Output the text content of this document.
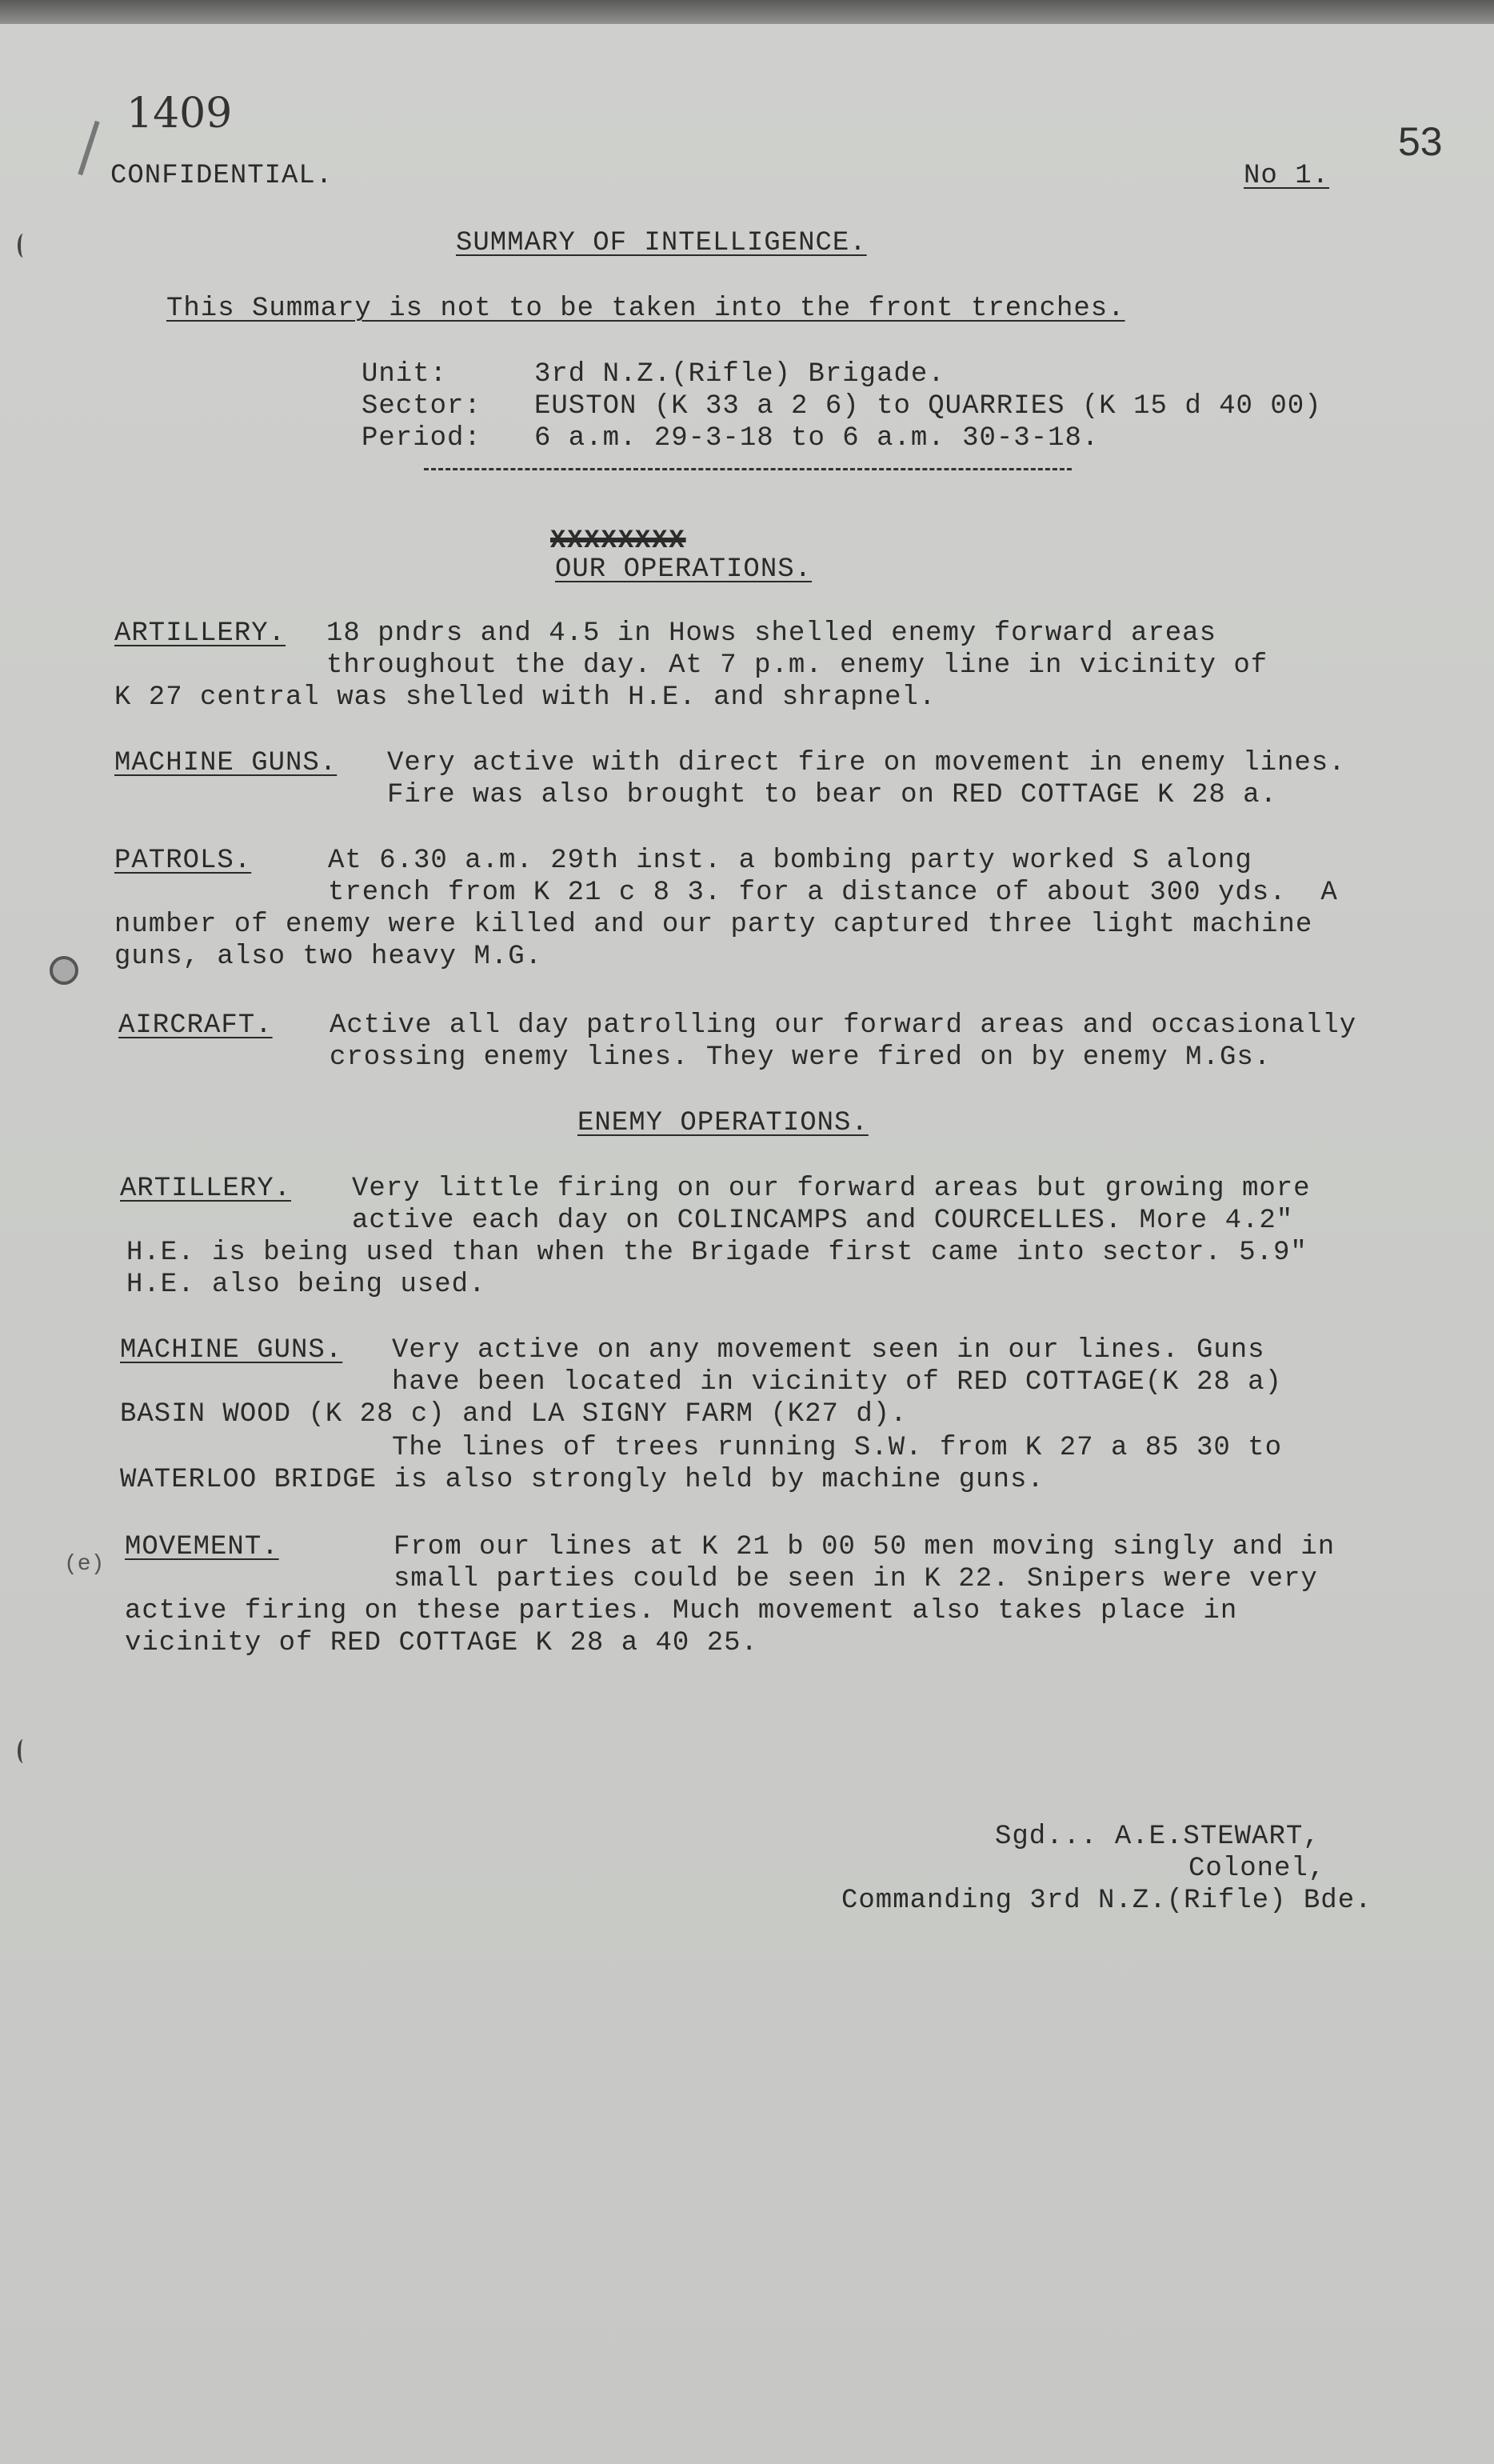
1409
CONFIDENTIAL.	No 1.
53
SUMMARY OF INTELLIGENCE.
This Summary is not to be taken into the front trenches.
Unit:	3rd N.Z.(Rifle) Brigade.
Sector: EUSTON (K 33 a 2 6) to QUARRIES (K 15 d 40 00)
Period: 6 a.m. 29-3-18 to 6 a.m. 30-3-18.
XXXXXXXX
OUR OPERATIONS.
ARTILLERY. 18 pndrs and 4.5 in Hows shelled enemy forward areas
throughout the day. At 7 p.m. enemy line in vicinity of
K 27 central was shelled with H.E. and shrapnel.
MACHINE GUNS. Very active with direct fire on movement in enemy lines.
Fire was also brought to bear on RED COTTAGE K 28 a.
PATROLS.	At 6.30 a.m. 29th inst. a bombing party worked S along
trench from K 21 c 8 3. for a distance of about 300 yds.  A
number of enemy were killed and our party captured three light machine
guns, also two heavy M.G.
AIRCRAFT. Active all day patrolling our forward areas and occasionally
crossing enemy lines. They were fired on by enemy M.Gs.
ENEMY OPERATIONS.
ARTILLERY. Very little firing on our forward areas but growing more
active each day on COLINCAMPS and COURCELLES. More 4.2"
H.E. is being used than when the Brigade first came into sector. 5.9"
H.E. also being used.
MACHINE GUNS. Very active on any movement seen in our lines. Guns
have been located in vicinity of RED COTTAGE(K 28 a)
BASIN WOOD (K 28 c) and LA SIGNY FARM (K27 d).
The lines of trees running S.W. from K 27 a 85 30 to
WATERLOO BRIDGE is also strongly held by machine guns.
(e)
MOVEMENT.	From our lines at K 21 b 00 50 men moving singly and in
small parties could be seen in K 22. Snipers were very
active firing on these parties. Much movement also takes place in
vicinity of RED COTTAGE K 28 a 40 25.
Sgd... A.E.STEWART,
Colonel,
Commanding 3rd N.Z.(Rifle) Bde.
